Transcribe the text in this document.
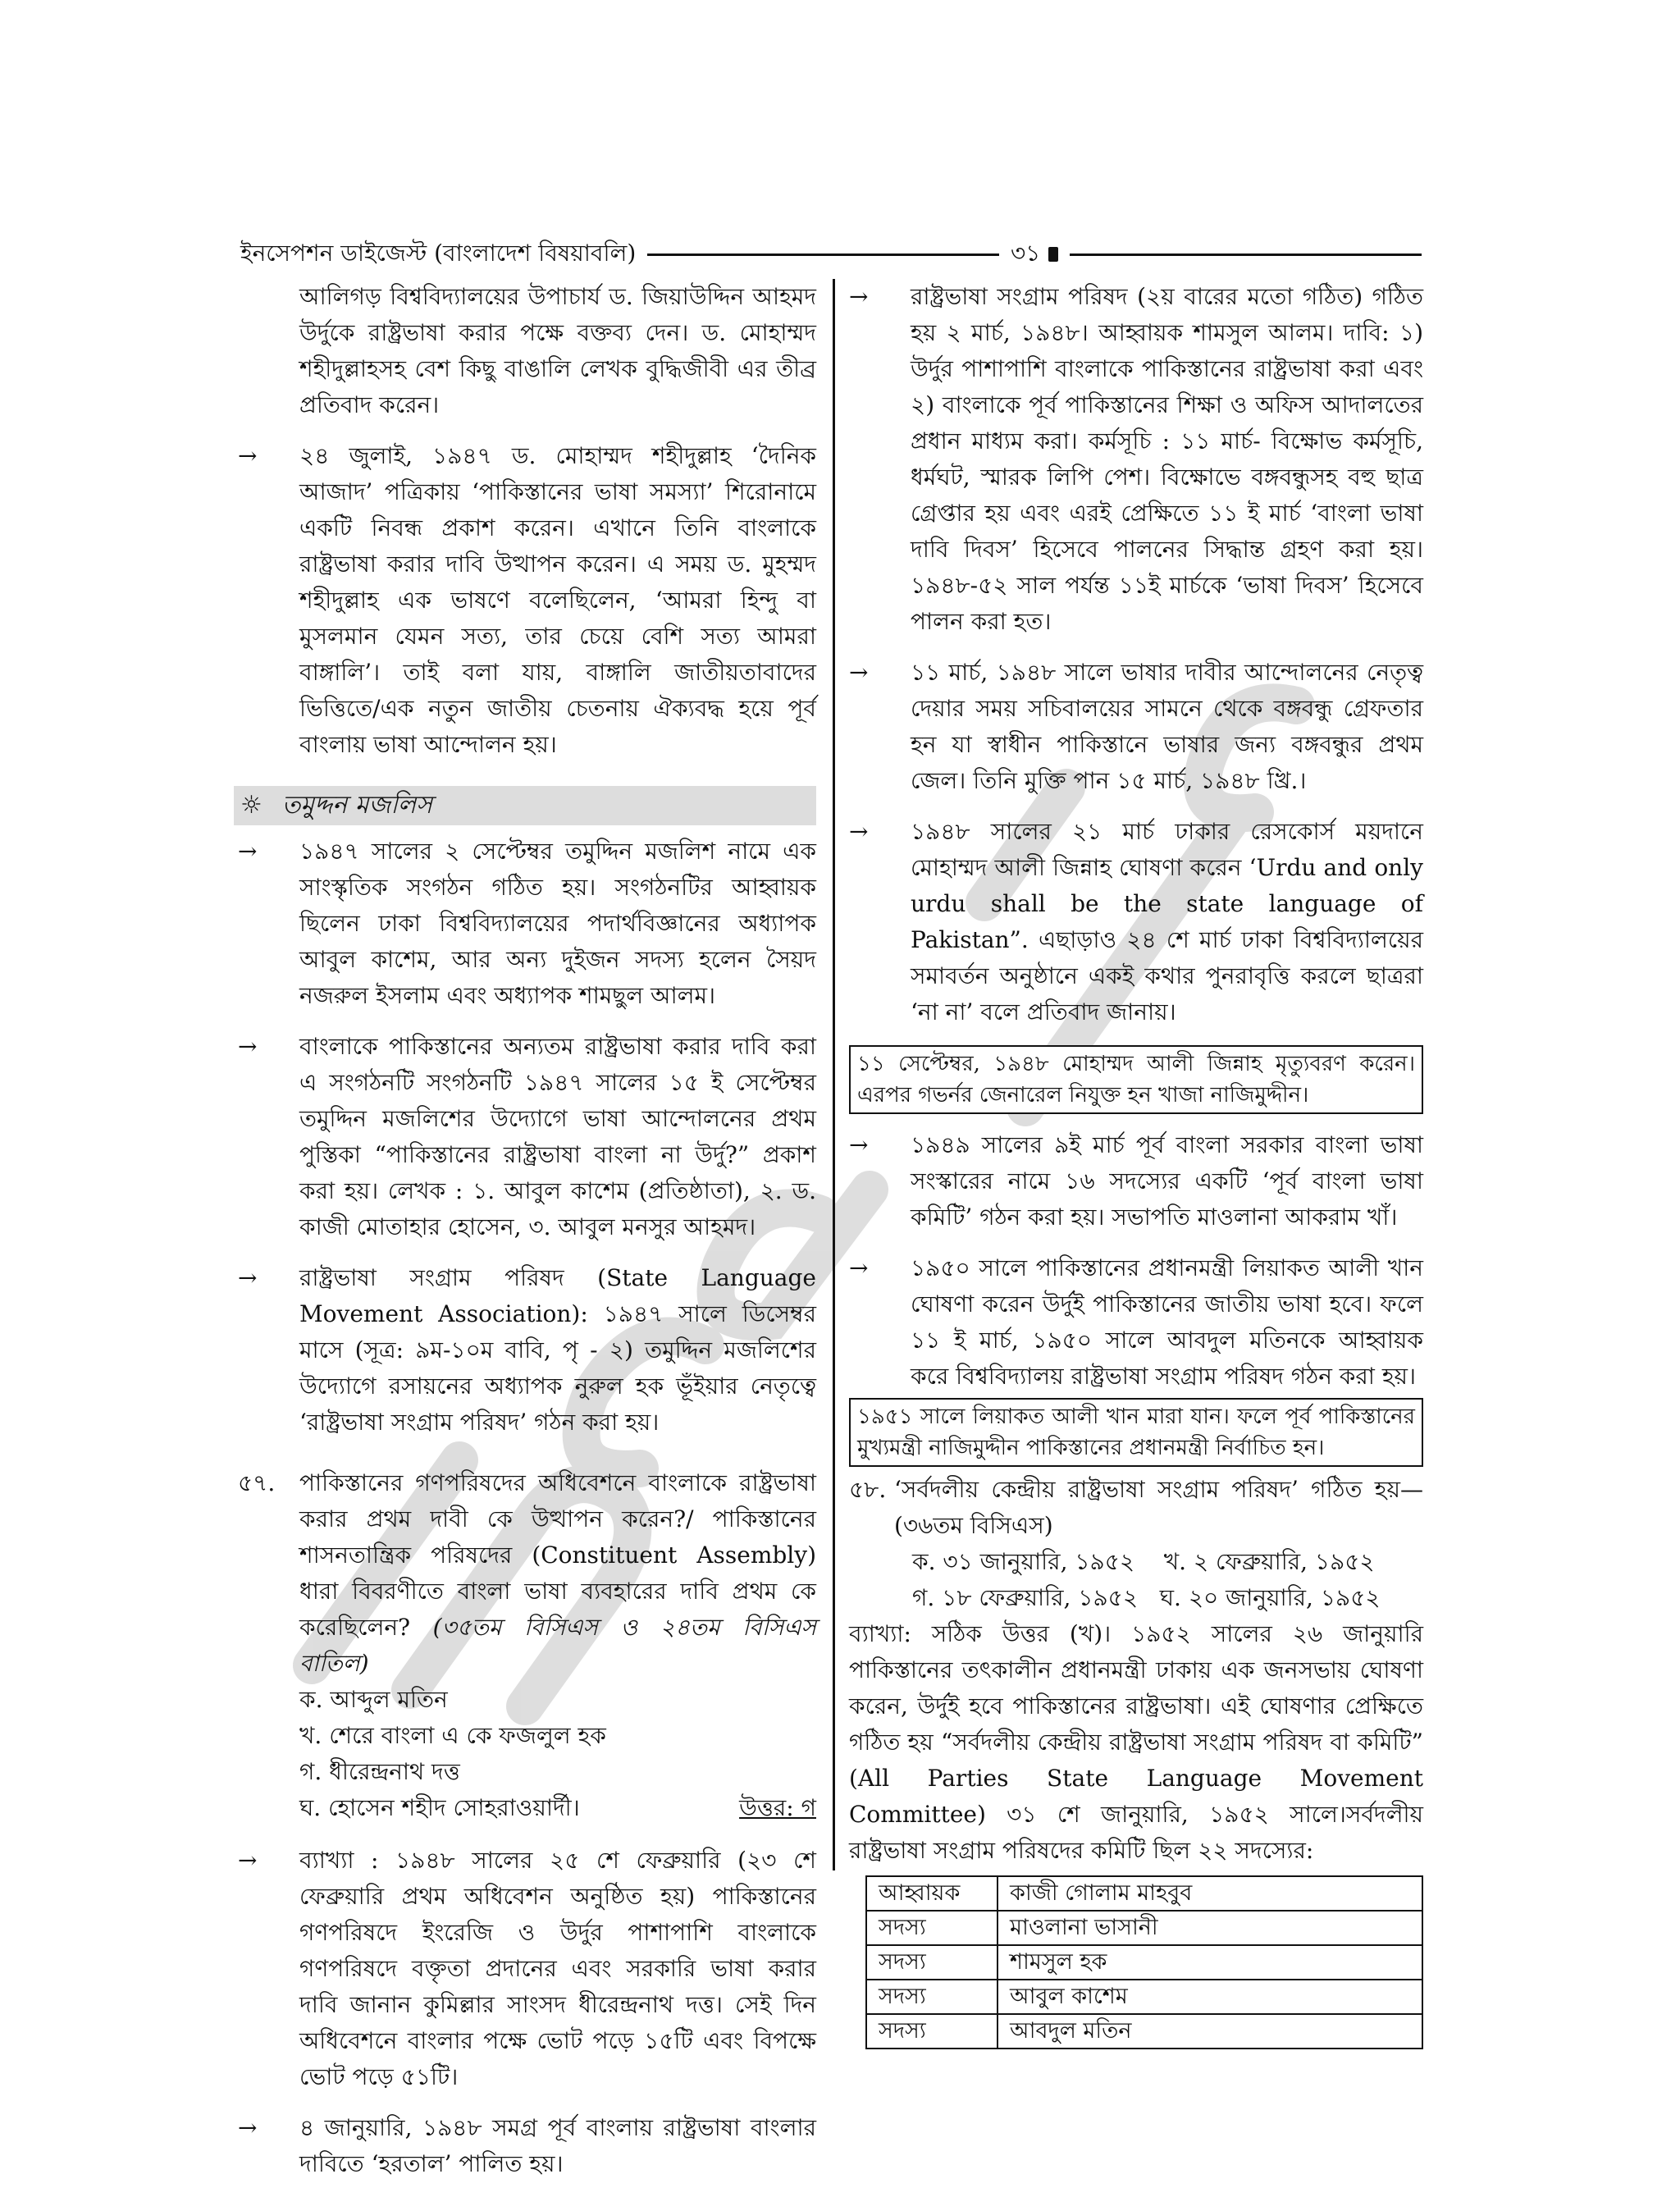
ইনসেপশন ডাইজেস্ট (বাংলাদেশ বিষয়াবলি)	৩১
আলিগড় বিশ্ববিদ্যালয়ের উপাচার্য ড. জিয়াউদ্দিন আহমদ উর্দুকে রাষ্ট্রভাষা করার পক্ষে বক্তব্য দেন। ড. মোহাম্মদ শহীদুল্লাহসহ বেশ কিছু বাঙালি লেখক বুদ্ধিজীবী এর তীব্র প্রতিবাদ করেন।
→ ২৪ জুলাই, ১৯৪৭ ড. মোহাম্মদ শহীদুল্লাহ ‘দৈনিক আজাদ’ পত্রিকায় ‘পাকিস্তানের ভাষা সমস্যা’ শিরোনামে একটি নিবন্ধ প্রকাশ করেন। এখানে তিনি বাংলাকে রাষ্ট্রভাষা করার দাবি উত্থাপন করেন। এ সময় ড. মুহম্মদ শহীদুল্লাহ এক ভাষণে বলেছিলেন, ‘আমরা হিন্দু বা মুসলমান যেমন সত্য, তার চেয়ে বেশি সত্য আমরা বাঙ্গালি’। তাই বলা যায়, বাঙ্গালি জাতীয়তাবাদের ভিত্তিতে/এক নতুন জাতীয় চেতনায় ঐক্যবদ্ধ হয়ে পূর্ব বাংলায় ভাষা আন্দোলন হয়।
☼ তমুদ্দন মজলিস
→ ১৯৪৭ সালের ২ সেপ্টেম্বর তমুদ্দিন মজলিশ নামে এক সাংস্কৃতিক সংগঠন গঠিত হয়। সংগঠনটির আহ্বায়ক ছিলেন ঢাকা বিশ্ববিদ্যালয়ের পদার্থবিজ্ঞানের অধ্যাপক আবুল কাশেম, আর অন্য দুইজন সদস্য হলেন সৈয়দ নজরুল ইসলাম এবং অধ্যাপক শামছুল আলম।
→ বাংলাকে পাকিস্তানের অন্যতম রাষ্ট্রভাষা করার দাবি করা এ সংগঠনটি সংগঠনটি ১৯৪৭ সালের ১৫ ই সেপ্টেম্বর তমুদ্দিন মজলিশের উদ্যোগে ভাষা আন্দোলনের প্রথম পুস্তিকা “পাকিস্তানের রাষ্ট্রভাষা বাংলা না উর্দু?” প্রকাশ করা হয়। লেখক : ১. আবুল কাশেম (প্রতিষ্ঠাতা), ২. ড. কাজী মোতাহার হোসেন, ৩. আবুল মনসুর আহমদ।
→ রাষ্ট্রভাষা সংগ্রাম পরিষদ (State Language Movement Association): ১৯৪৭ সালে ডিসেম্বর মাসে (সূত্র: ৯ম-১০ম বাবি, পৃ - ২) তমুদ্দিন মজলিশের উদ্যোগে রসায়নের অধ্যাপক নুরুল হক ভূঁইয়ার নেতৃত্বে ‘রাষ্ট্রভাষা সংগ্রাম পরিষদ’ গঠন করা হয়।
৫৭. পাকিস্তানের গণপরিষদের অধিবেশনে বাংলাকে রাষ্ট্রভাষা করার প্রথম দাবী কে উত্থাপন করেন?/ পাকিস্তানের শাসনতান্ত্রিক পরিষদের (Constituent Assembly) ধারা বিবরণীতে বাংলা ভাষা ব্যবহারের দাবি প্রথম কে করেছিলেন? (৩৫তম বিসিএস ও ২৪তম বিসিএস বাতিল)
ক. আব্দুল মতিন
খ. শেরে বাংলা এ কে ফজলুল হক
গ. ধীরেন্দ্রনাথ দত্ত
ঘ. হোসেন শহীদ সোহরাওয়ার্দী।	উত্তর: গ
→ ব্যাখ্যা : ১৯৪৮ সালের ২৫ শে ফেব্রুয়ারি (২৩ শে ফেব্রুয়ারি প্রথম অধিবেশন অনুষ্ঠিত হয়) পাকিস্তানের গণপরিষদে ইংরেজি ও উর্দুর পাশাপাশি বাংলাকে গণপরিষদে বক্তৃতা প্রদানের এবং সরকারি ভাষা করার দাবি জানান কুমিল্লার সাংসদ ধীরেন্দ্রনাথ দত্ত। সেই দিন অধিবেশনে বাংলার পক্ষে ভোট পড়ে ১৫টি এবং বিপক্ষে ভোট পড়ে ৫১টি।
→ ৪ জানুয়ারি, ১৯৪৮ সমগ্র পূর্ব বাংলায় রাষ্ট্রভাষা বাংলার দাবিতে ‘হরতাল’ পালিত হয়।
→ রাষ্ট্রভাষা সংগ্রাম পরিষদ (২য় বারের মতো গঠিত) গঠিত হয় ২ মার্চ, ১৯৪৮। আহ্বায়ক শামসুল আলম। দাবি: ১) উর্দুর পাশাপাশি বাংলাকে পাকিস্তানের রাষ্ট্রভাষা করা এবং ২) বাংলাকে পূর্ব পাকিস্তানের শিক্ষা ও অফিস আদালতের প্রধান মাধ্যম করা। কর্মসূচি : ১১ মার্চ- বিক্ষোভ কর্মসূচি, ধর্মঘট, স্মারক লিপি পেশ। বিক্ষোভে বঙ্গবন্ধুসহ বহু ছাত্র গ্রেপ্তার হয় এবং এরই প্রেক্ষিতে ১১ ই মার্চ ‘বাংলা ভাষা দাবি দিবস’ হিসেবে পালনের সিদ্ধান্ত গ্রহণ করা হয়। ১৯৪৮-৫২ সাল পর্যন্ত ১১ই মার্চকে ‘ভাষা দিবস’ হিসেবে পালন করা হত।
→ ১১ মার্চ, ১৯৪৮ সালে ভাষার দাবীর আন্দোলনের নেতৃত্ব দেয়ার সময় সচিবালয়ের সামনে থেকে বঙ্গবন্ধু গ্রেফতার হন যা স্বাধীন পাকিস্তানে ভাষার জন্য বঙ্গবন্ধুর প্রথম জেল। তিনি মুক্তি পান ১৫ মার্চ, ১৯৪৮ খ্রি.।
→ ১৯৪৮ সালের ২১ মার্চ ঢাকার রেসকোর্স ময়দানে মোহাম্মদ আলী জিন্নাহ ঘোষণা করেন ‘Urdu and only urdu shall be the state language of Pakistan”. এছাড়াও ২৪ শে মার্চ ঢাকা বিশ্ববিদ্যালয়ের সমাবর্তন অনুষ্ঠানে একই কথার পুনরাবৃত্তি করলে ছাত্ররা ‘না না’ বলে প্রতিবাদ জানায়।
১১ সেপ্টেম্বর, ১৯৪৮ মোহাম্মদ আলী জিন্নাহ মৃত্যুবরণ করেন। এরপর গভর্নর জেনারেল নিযুক্ত হন খাজা নাজিমুদ্দীন।
→ ১৯৪৯ সালের ৯ই মার্চ পূর্ব বাংলা সরকার বাংলা ভাষা সংস্কারের নামে ১৬ সদস্যের একটি ‘পূর্ব বাংলা ভাষা কমিটি’ গঠন করা হয়। সভাপতি মাওলানা আকরাম খাঁ।
→ ১৯৫০ সালে পাকিস্তানের প্রধানমন্ত্রী লিয়াকত আলী খান ঘোষণা করেন উর্দুই পাকিস্তানের জাতীয় ভাষা হবে। ফলে ১১ ই মার্চ, ১৯৫০ সালে আবদুল মতিনকে আহ্বায়ক করে বিশ্ববিদ্যালয় রাষ্ট্রভাষা সংগ্রাম পরিষদ গঠন করা হয়।
১৯৫১ সালে লিয়াকত আলী খান মারা যান। ফলে পূর্ব পাকিস্তানের মুখ্যমন্ত্রী নাজিমুদ্দীন পাকিস্তানের প্রধানমন্ত্রী নির্বাচিত হন।
৫৮. ‘সর্বদলীয় কেন্দ্রীয় রাষ্ট্রভাষা সংগ্রাম পরিষদ’ গঠিত হয়— (৩৬তম বিসিএস)
ক. ৩১ জানুয়ারি, ১৯৫২ খ. ২ ফেব্রুয়ারি, ১৯৫২
গ. ১৮ ফেব্রুয়ারি, ১৯৫২ ঘ. ২০ জানুয়ারি, ১৯৫২
ব্যাখ্যা: সঠিক উত্তর (খ)। ১৯৫২ সালের ২৬ জানুয়ারি পাকিস্তানের তৎকালীন প্রধানমন্ত্রী ঢাকায় এক জনসভায় ঘোষণা করেন, উর্দুই হবে পাকিস্তানের রাষ্ট্রভাষা। এই ঘোষণার প্রেক্ষিতে গঠিত হয় “সর্বদলীয় কেন্দ্রীয় রাষ্ট্রভাষা সংগ্রাম পরিষদ বা কমিটি” (All Parties State Language Movement Committee) ৩১ শে জানুয়ারি, ১৯৫২ সালে।সর্বদলীয় রাষ্ট্রভাষা সংগ্রাম পরিষদের কমিটি ছিল ২২ সদস্যের:
আহ্বায়ক	কাজী গোলাম মাহবুব
সদস্য	মাওলানা ভাসানী
সদস্য	শামসুল হক
সদস্য	আবুল কাশেম
সদস্য	আবদুল মতিন
